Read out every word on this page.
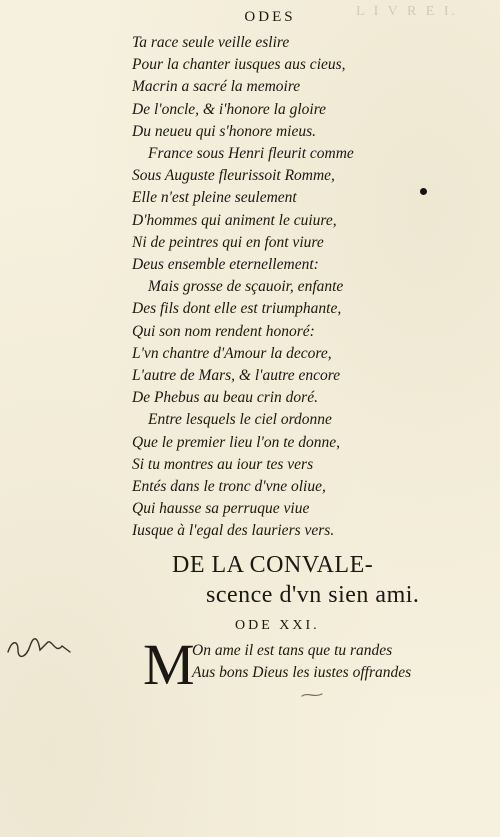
L I V R E I.
ODES
Ta race seule veille eslire
Pour la chanter iusques aus cieus,
Macrin a sacré la memoire
De l'oncle, & i'honore la gloire
Du neueu qui s'honore mieus.
France sous Henri fleurit comme
Sous Auguste fleurissoit Romme,
Elle n'est pleine seulement
D'hommes qui animent le cuiure,
Ni de peintres qui en font viure
Deus ensemble eternellement:
Mais grosse de sçauoir, enfante
Des fils dont elle est triumphante,
Qui son nom rendent honoré:
L'vn chantre d'Amour la decore,
L'autre de Mars, & l'autre encore
De Phebus au beau crin doré.
Entre lesquels le ciel ordonne
Que le premier lieu l'on te donne,
Si tu montres au iour tes vers
Entés dans le tronc d'vne oliue,
Qui hausse sa perruque viue
Iusque à l'egal des lauriers vers.
DE LA CONVALE-
scence d'vn sien ami.
ODE XXI.
M
On ame il est tans que tu randes
Aus bons Dieus les iustes offrandes
